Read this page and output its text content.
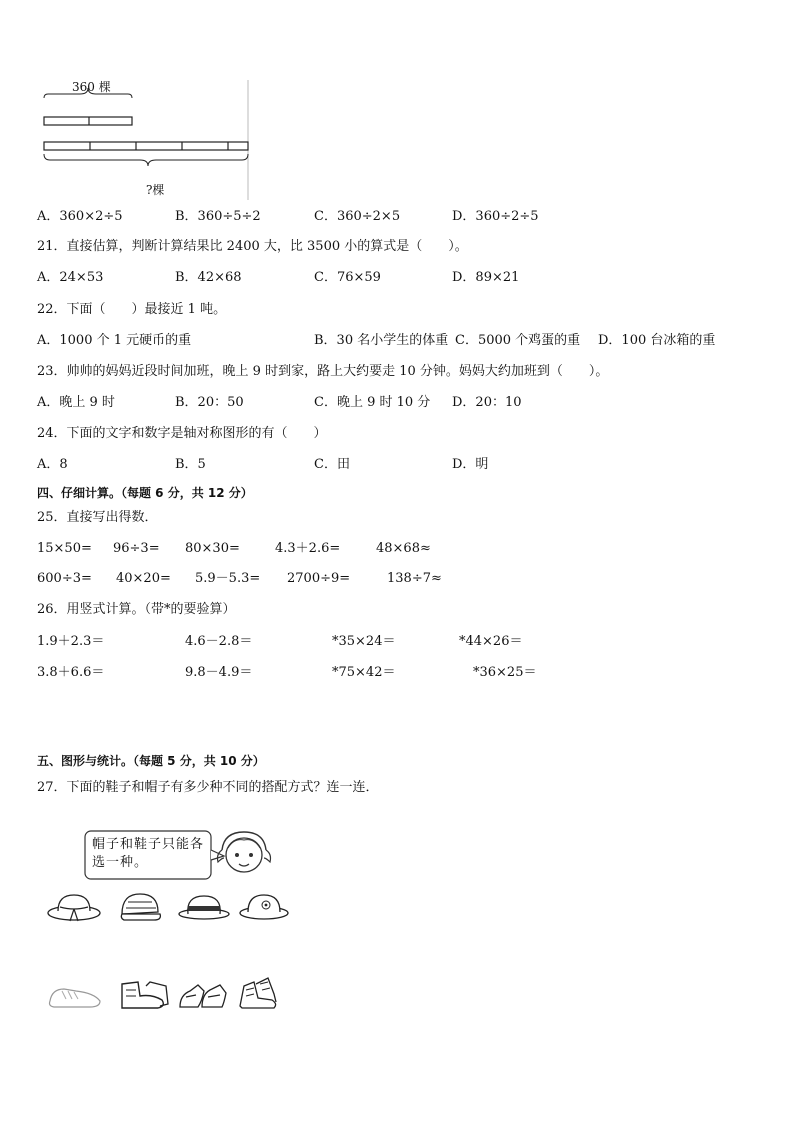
360 棵
?棵
A．360×2÷5	B．360÷5÷2	C．360÷2×5	D．360÷2÷5
21．直接估算，判断计算结果比 2400 大，比 3500 小的算式是（　　）。
A．24×53	B．42×68	C．76×59	D．89×21
22．下面（　　）最接近 1 吨。
A．1000 个 1 元硬币的重	B．30 名小学生的体重 C．5000 个鸡蛋的重 D．100 台冰箱的重
23．帅帅的妈妈近段时间加班，晚上 9 时到家，路上大约要走 10 分钟。妈妈大约加班到（　　）。
A．晚上 9 时	B．20：50	C．晚上 9 时 10 分 D．20：10
24．下面的文字和数字是轴对称图形的有（　　）
A．8	B．5	C．田	D．明
四、仔细计算。（每题 6 分，共 12 分）
25．直接写出得数．
15×50= 96÷3= 80×30=	4.3＋2.6=	48×68≈
600÷3= 40×20= 5.9－5.3= 2700÷9=	138÷7≈
26．用竖式计算。（带*的要验算）
1.9＋2.3＝	4.6－2.8＝	*35×24＝	*44×26＝
3.8＋6.6＝	9.8－4.9＝	*75×42＝	*36×25＝
五、图形与统计。（每题 5 分，共 10 分）
27．下面的鞋子和帽子有多少种不同的搭配方式？连一连．
帽子和鞋子只能各选一种。
